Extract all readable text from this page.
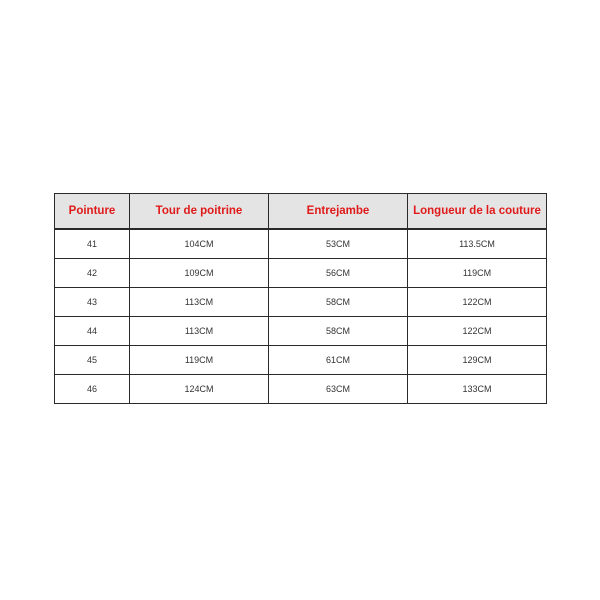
Pointure	Tour de poitrine	Entrejambe	Longueur de la couture
41	104CM	53CM	113.5CM
42	109CM	56CM	119CM
43	113CM	58CM	122CM
44	113CM	58CM	122CM
45	119CM	61CM	129CM
46	124CM	63CM	133CM
